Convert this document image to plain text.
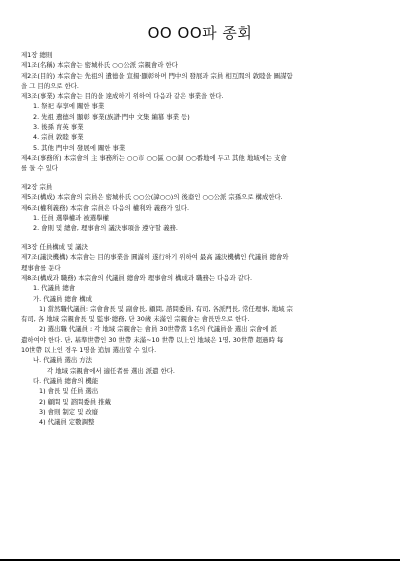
OO OO파 종회
제1장 總則
제1조(名稱) 本宗會는 密城朴氏 ○○公派 宗親會라 한다
제2조(目的) 本宗會는 先祖의 遺德을 宣揚·顯彰하며 門中의 發展과 宗員 相互間의 敦睦을 圖謀함
을 그 目的으로 한다.
제3조(事業) 本宗會는 目的을 達成하기 위하여 다음과 같은 事業을 한다.
1. 祭祀 奉享에 關한 事業
2. 先祖 遺德의 顯彰 事業(族譜·門中 文集 編纂 事業 등)
3. 後孫 育英 事業
4. 宗員 敦睦 事業
5. 其他 門中의 發展에 關한 事業
제4조(事務所) 本宗會의 主 事務所는 ○○市 ○○區 ○○洞 ○○番地에 두고 其他 地域에는 支會
를 둘 수 있다
제2장 宗員
제5조(構成) 本宗會의 宗員은 密城朴氏 ○○公(諱○○)의 後裔인 ○○公派 宗孫으로 構成한다.
제6조(權利義務) 本宗會 宗員은 다음의 權利와 義務가 있다.
1. 任員 選擧權과 被選擧權
2. 會則 및 總會, 理事會의 議決事項을 遵守할 義務.
제3장 任員構成 및 議決
제7조(議決機構) 本宗會는 目的事業을 圓滿히 遂行하기 위하여 最高 議決機構인 代議員 總會와
理事會를 둔다
제8조(構成과 職務) 本宗會의 代議員 總會와 理事會의 構成과 職務는 다음과 같다.
1. 代議員 總會
가. 代議員 總會 構成
1) 當然職代議員: 宗會會長 및 副會長, 顧問, 諮問委員, 有司, 各派門長, 常任理事, 地域 宗
有司, 各 地域 宗親會長 및 監事·總務, 단 30歲 未滿인 宗親會는 會長만으로 한다.
2) 選出職 代議員 : 각 地域 宗親會는 會員 30世帶當 1名의 代議員을 選出 宗會에 派
遣하여야 한다. 단, 基準世帶인 30 世帶 未滿~10 世帶 以上인 地域은 1명, 30世帶 超過時 每
10世帶 以上인 경우 1명을 追加 選出할 수 있다.
나. 代議員 選出 方法
각 地域 宗親會에서 適任者를 選出 派遣 한다.
다. 代議員 總會의 機能
1) 會長 및 任員 選出
2) 顧問 및 諮問委員 推戴
3) 會則 制定 및 改廢
4) 代議員 定數調整
